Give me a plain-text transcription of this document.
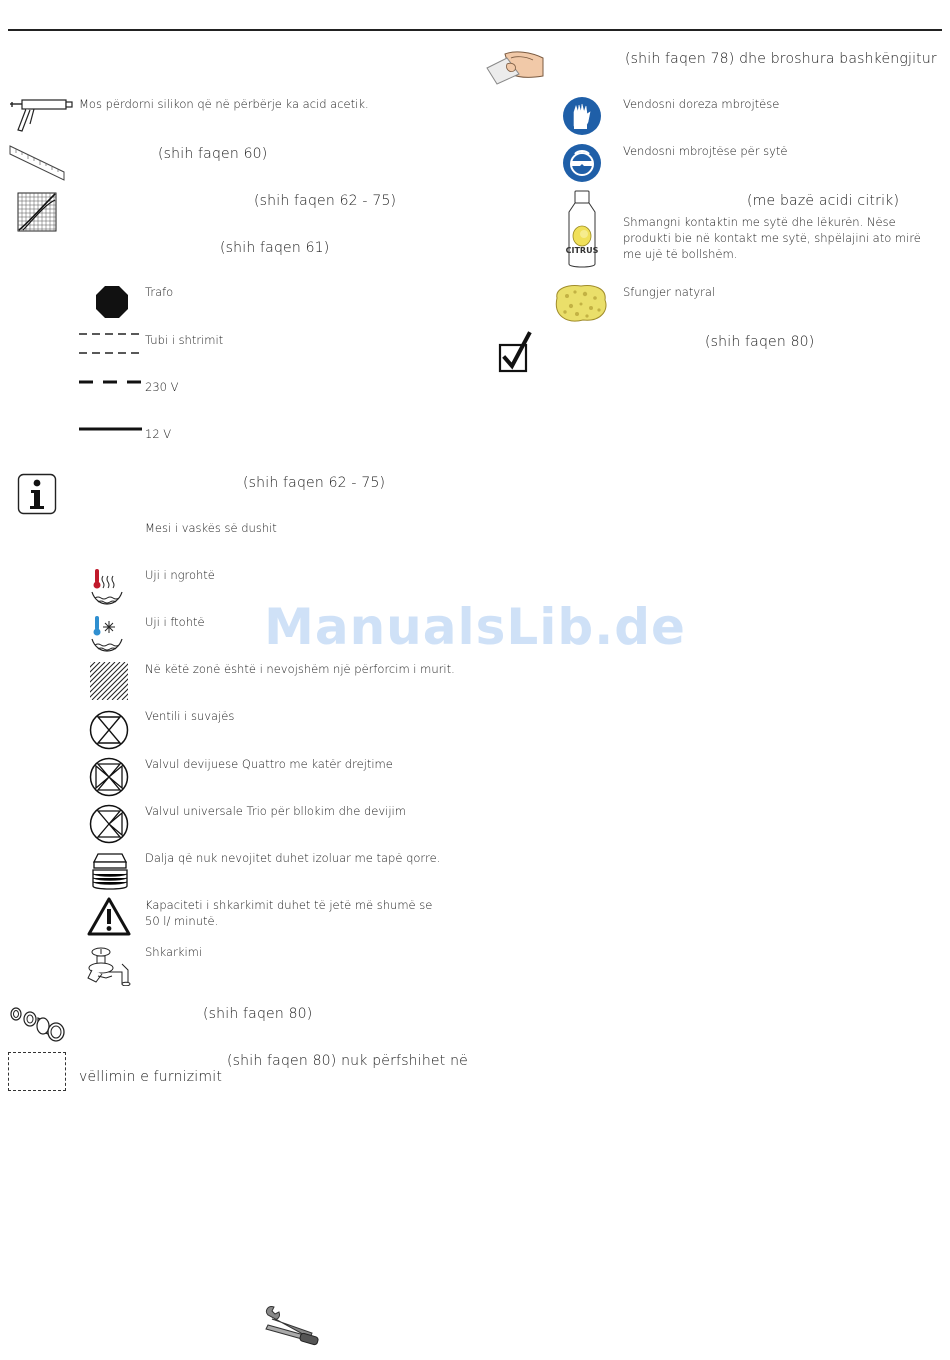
Mos përdorni silikon që në përbërje ka acid acetik.
(shih faqen 60)
(shih faqen 62 - 75)
(shih faqen 61)
Trafo
Tubi i shtrimit
230 V
12 V
(shih faqen 62 - 75)
Mesi i vaskës së dushit
Uji i ngrohtë
Uji i ftohtë
Në këtë zonë është i nevojshëm një përforcim i murit.
Ventili i suvajës
Valvul devijuese Quattro me katër drejtime
Valvul universale Trio për bllokim dhe devijim
Dalja që nuk nevojitet duhet izoluar me tapë qorre.
Kapaciteti i shkarkimit duhet të jetë më shumë se 50 l/ minutë.
Shkarkimi
(shih faqen 80)
(shih faqen 80) nuk përfshihet në
vëllimin e furnizimit
(shih faqen 78) dhe broshura bashkëngjitur
Vendosni doreza mbrojtëse
Vendosni mbrojtëse për sytë
CITRUS
(me bazë acidi citrik)
Shmangni kontaktin me sytë dhe lëkurën. Nëse produkti bie në kontakt me sytë, shpëlajini ato mirë me ujë të bollshëm.
Sfungjer natyral
(shih faqen 80)
ManualsLib.de
